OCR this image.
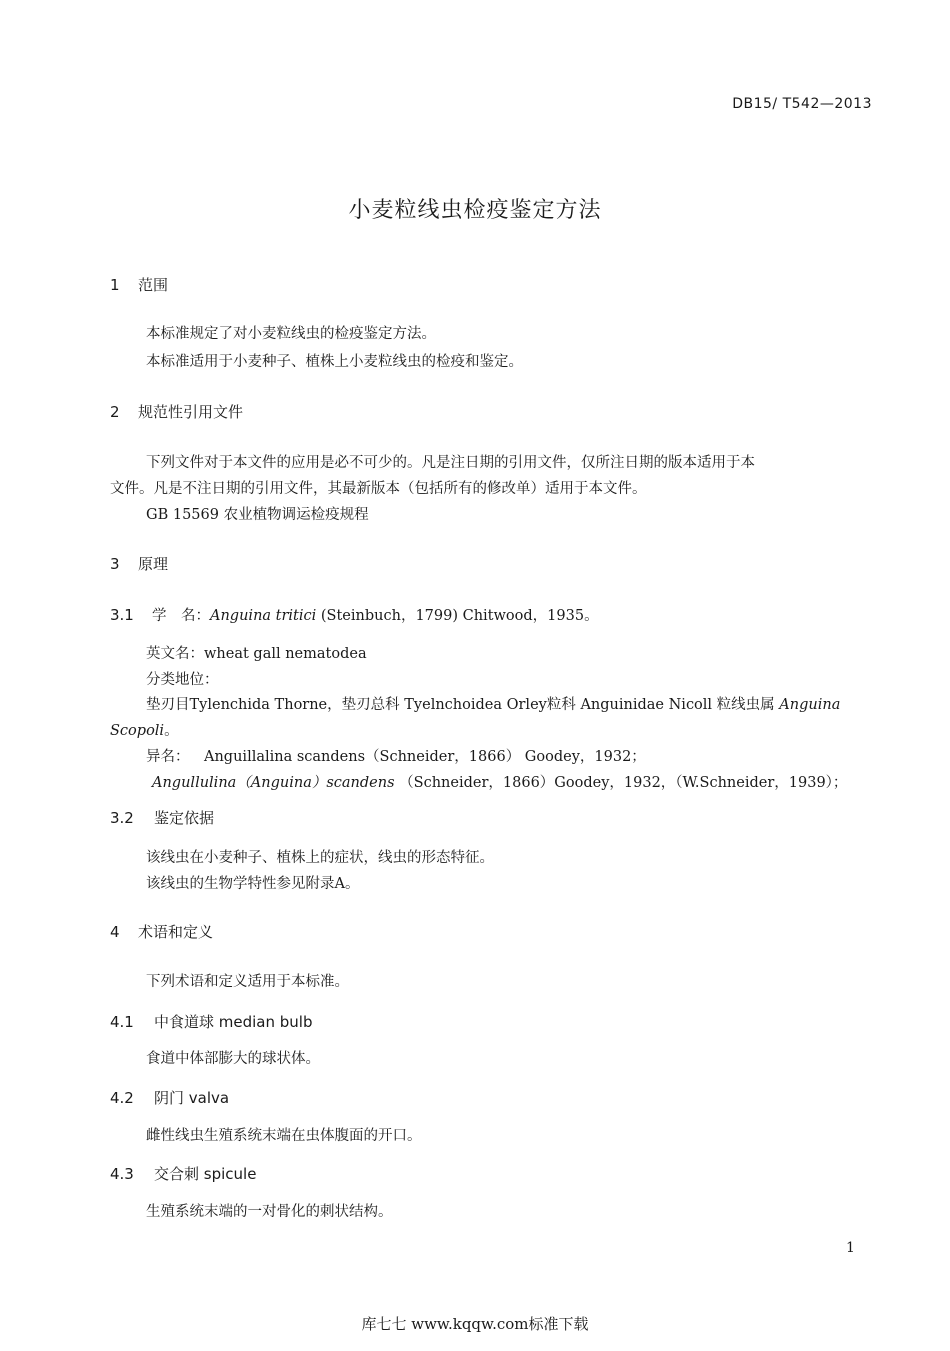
DB15/ T542—2013
小麦粒线虫检疫鉴定方法
1 范围
本标准规定了对小麦粒线虫的检疫鉴定方法。
本标准适用于小麦种子、植株上小麦粒线虫的检疫和鉴定。
2 规范性引用文件
下列文件对于本文件的应用是必不可少的。凡是注日期的引用文件，仅所注日期的版本适用于本
文件。凡是不注日期的引用文件，其最新版本（包括所有的修改单）适用于本文件。
GB 15569 农业植物调运检疫规程
3 原理
3.1 学　名：Anguina tritici (Steinbuch，1799) Chitwood，1935。
英文名：wheat gall nematodea
分类地位：
垫刃目Tylenchida Thorne，垫刃总科 Tyelnchoidea Orley粒科 Anguinidae Nicoll 粒线虫属 Anguina
Scopoli。
异名： Anguillalina scandens（Schneider，1866） Goodey，1932；
Angullulina（Anguina）scandens （Schneider，1866）Goodey，1932，（W.Schneider，1939）；
3.2 鉴定依据
该线虫在小麦种子、植株上的症状，线虫的形态特征。
该线虫的生物学特性参见附录A。
4 术语和定义
下列术语和定义适用于本标准。
4.1 中食道球 median bulb
食道中体部膨大的球状体。
4.2 阴门 valva
雌性线虫生殖系统末端在虫体腹面的开口。
4.3 交合刺 spicule
生殖系统末端的一对骨化的刺状结构。
1
库七七 www.kqqw.com标准下载
